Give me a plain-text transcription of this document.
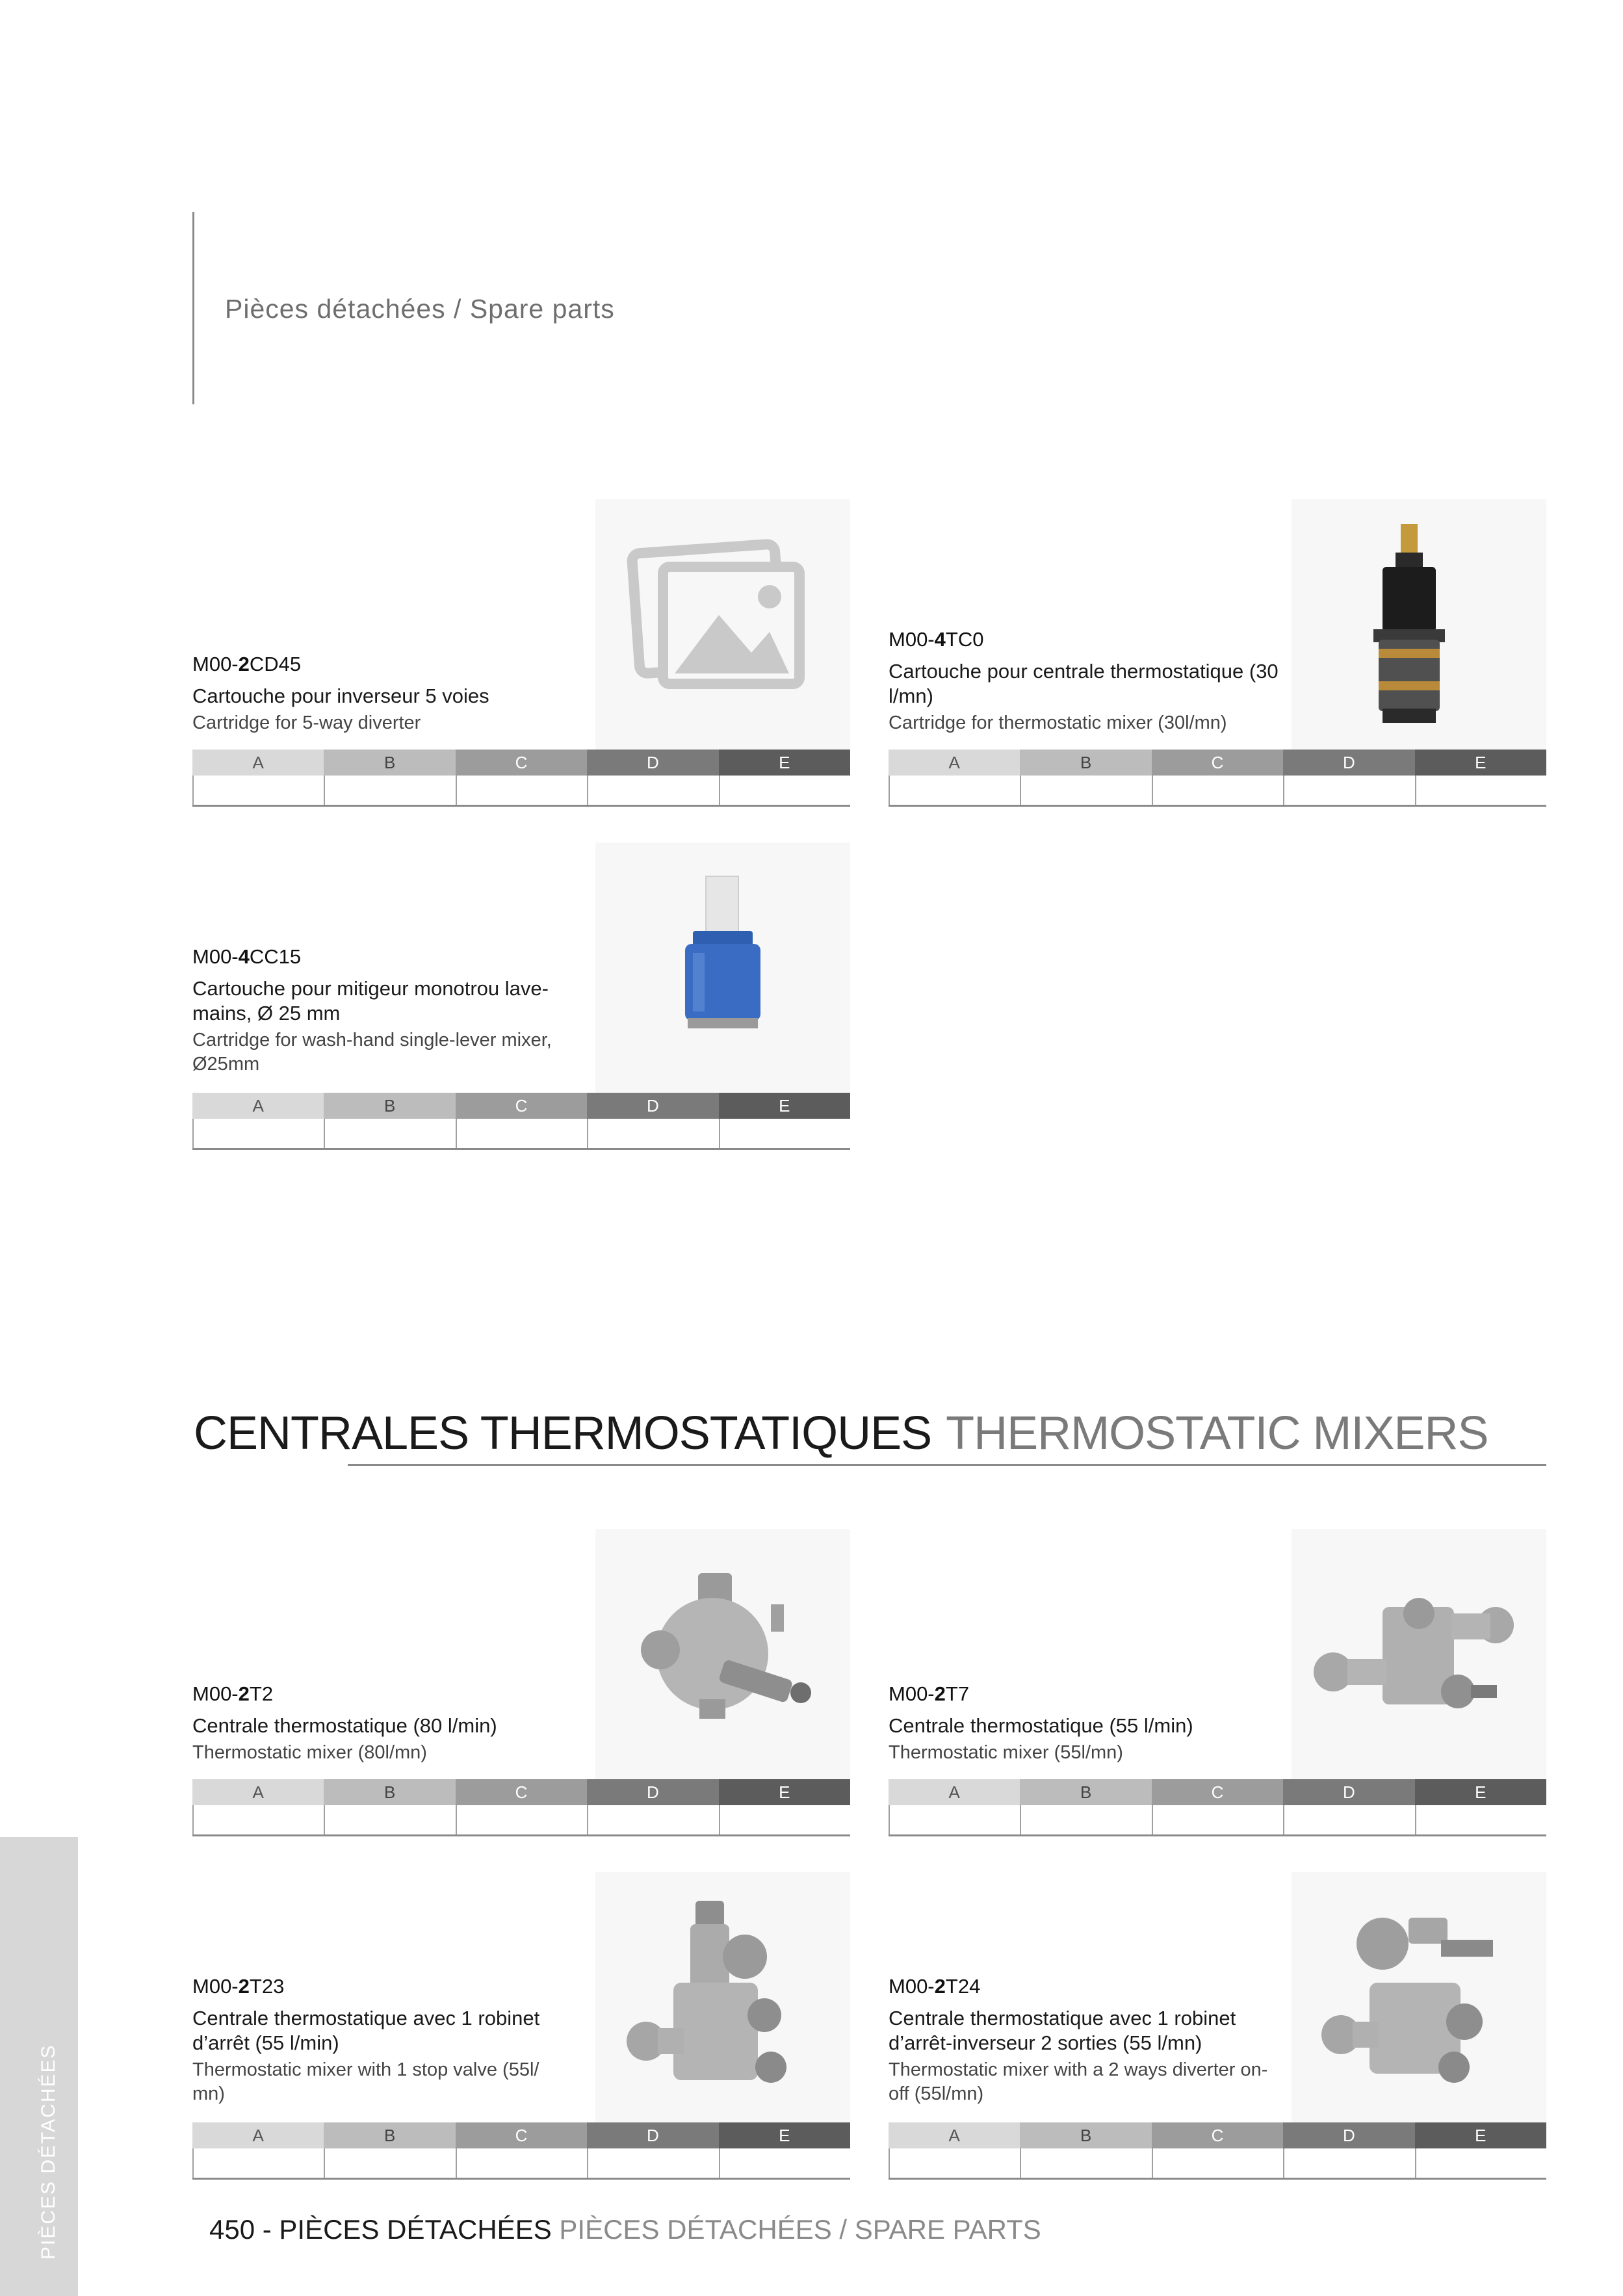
Pièces détachées / Spare parts
M00-2CD45
Cartouche pour inverseur 5 voies
Cartridge for 5-way diverter
A	B	C	D	E
M00-4TC0
Cartouche pour centrale thermostatique (30 l/mn)
Cartridge for thermostatic mixer (30l/mn)
A	B	C	D	E
M00-4CC15
Cartouche pour mitigeur monotrou lave-mains, Ø 25 mm
Cartridge for wash-hand single-lever mixer, Ø25mm
A	B	C	D	E
CENTRALES THERMOSTATIQUES THERMOSTATIC MIXERS
M00-2T2
Centrale thermostatique (80 l/min)
Thermostatic mixer (80l/mn)
A	B	C	D	E
M00-2T7
Centrale thermostatique (55 l/min)
Thermostatic mixer (55l/mn)
A	B	C	D	E
M00-2T23
Centrale thermostatique avec 1 robinet d’arrêt (55 l/min)
Thermostatic mixer with 1 stop valve (55l/ mn)
A	B	C	D	E
M00-2T24
Centrale thermostatique avec 1 robinet d’arrêt-inverseur 2 sorties (55 l/mn)
Thermostatic mixer with a 2 ways diverter on-off (55l/mn)
A	B	C	D	E
PIÈCES DÉTACHÉES	450 - PIÈCES DÉTACHÉES PIÈCES DÉTACHÉES / SPARE PARTS
